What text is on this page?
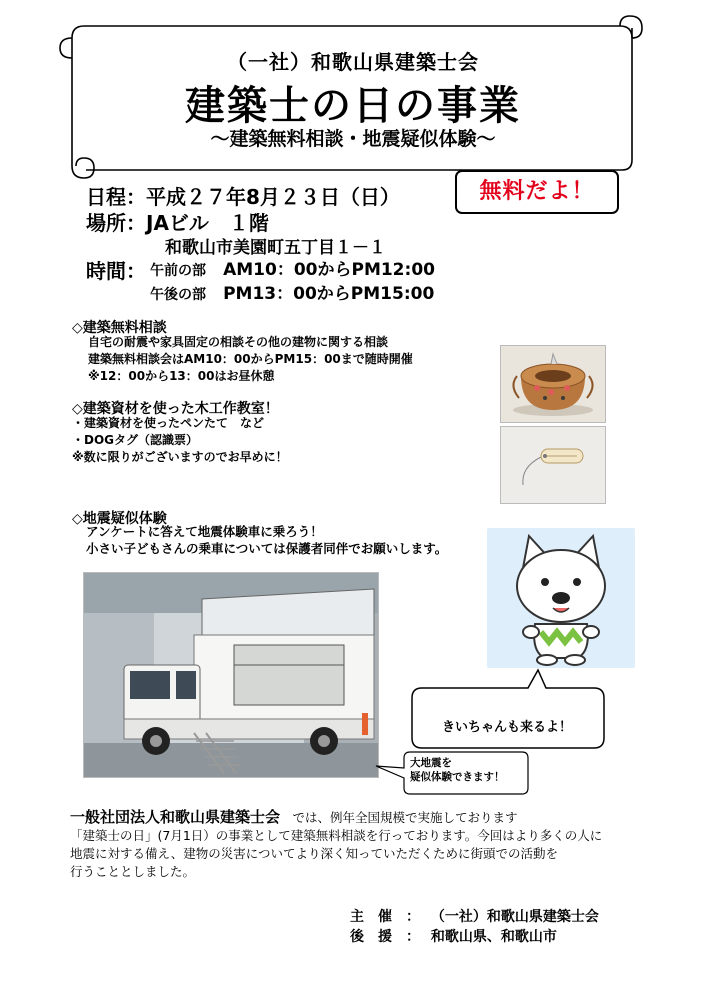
（一社）和歌山県建築士会
建築士の日の事業
～建築無料相談・地震疑似体験～
日程：平成２７年8月２３日（日）
場所：JAビル　１階
和歌山市美園町五丁目１－１
時間： 午前の部 AM10：00からPM12:00
午後の部 PM13：00からPM15:00
無料だよ！
◇建築無料相談
自宅の耐震や家具固定の相談その他の建物に関する相談
建築無料相談会はAM10：00からPM15：00まで随時開催
※12：00から13：00はお昼休憩
◇建築資材を使った木工作教室！
・建築資材を使ったペンたて　など
・DOGタグ（認識票）
※数に限りがございますのでお早めに！
◇地震疑似体験
アンケートに答えて地震体験車に乗ろう！
小さい子どもさんの乗車については保護者同伴でお願いします。
きいちゃんも来るよ！
大地震を
疑似体験できます！
一般社団法人和歌山県建築士会　では、例年全国規模で実施しております
「建築士の日」(7月1日）の事業として建築無料相談を行っております。今回はより多くの人に
地震に対する備え、建物の災害についてより深く知っていただくために街頭での活動を
行うこととしました。
主　催　： （一社）和歌山県建築士会
後　援　： 和歌山県、和歌山市
